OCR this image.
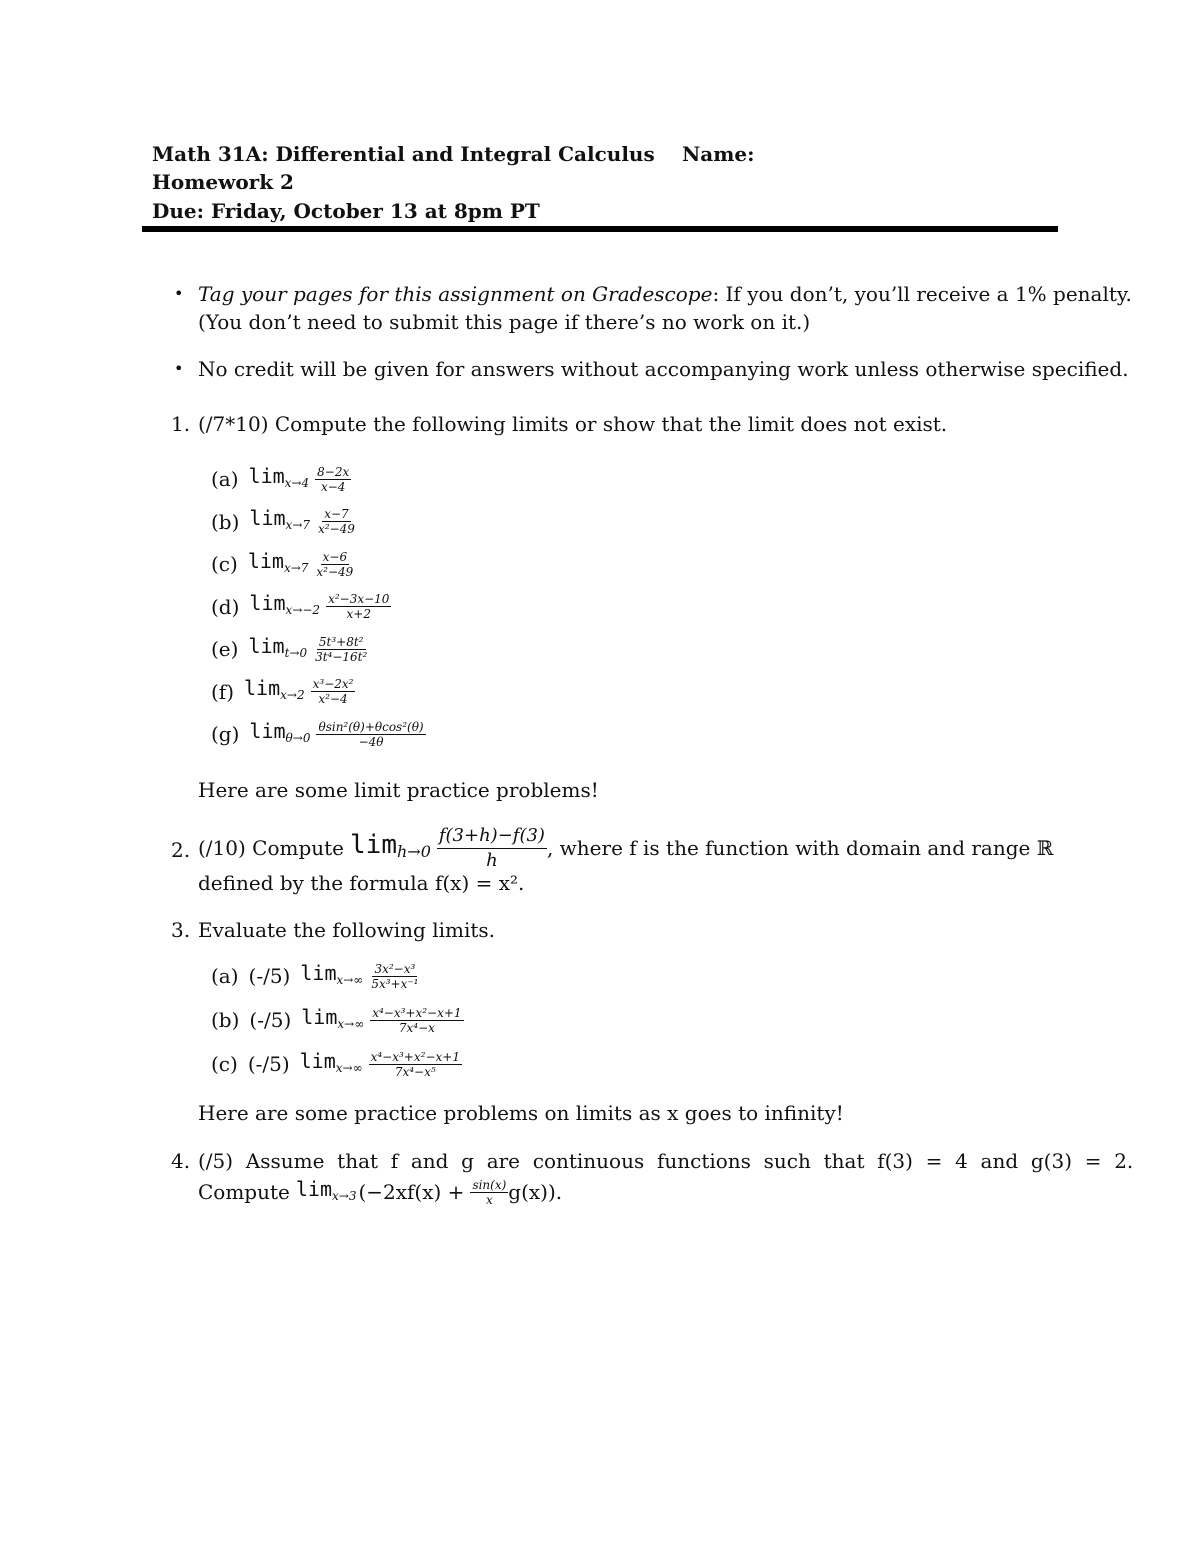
Math 31A: Differential and Integral Calculus Name:
Homework 2
Due: Friday, October 13 at 8pm PT
• Tag your pages for this assignment on Gradescope: If you don’t, you’ll receive a 1% penalty.
(You don’t need to submit this page if there’s no work on it.)
• No credit will be given for answers without accompanying work unless otherwise specified.
1. (/7*10) Compute the following limits or show that the limit does not exist.
(a) $\lim_{x\to 4} \frac{8-2x}{x-4}$
(b) $\lim_{x\to 7} \frac{x-7}{\text{x²−49}}$
(c) $\lim_{x\to 7} \frac{x-6}{\text{x²−49}}$
(d) $\lim_{x\to-2} \frac{\text{x²−3x−10}}{x+2}$
(e) $\lim_{t\to 0} \frac{\text{5t³+8t²}}{\text{3t⁴−16t²}}$
(f) $\lim_{x\to 2} \frac{\text{x³−2x²}}{\text{x²−4}}$
(g) $\lim_{\theta\to 0} \frac{\text{θsin²(θ)+θcos²(θ)}}{-4\theta}$
Here are some limit practice problems!
2. (/10) Compute $\lim_{h\to 0} \frac{f(3+h)-f(3)}{h}$ , where f is the function with domain and range ℝ
defined by the formula f(x) = x².
3. Evaluate the following limits.
(a) (-/5) $\lim_{x\to\infty} \frac{\text{3x²−x³}}{\text{5x³+x⁻¹}}$
(b) (-/5) $\lim_{x\to\infty} \frac{\text{x⁴−x³+x²−x+1}}{\text{7x⁴−x}}$
(c) (-/5) $\lim_{x\to\infty} \frac{\text{x⁴−x³+x²−x+1}}{\text{7x⁴−x⁵}}$
Here are some practice problems on limits as x goes to infinity!
4. (/5)  Assume  that  f  and  g  are  continuous  functions  such  that  f(3)  =  4  and  g(3)  =  2.
Compute $\lim_{x\to 3} (-2xf(x) + \frac{\sin(x)}{x} g(x))$.
